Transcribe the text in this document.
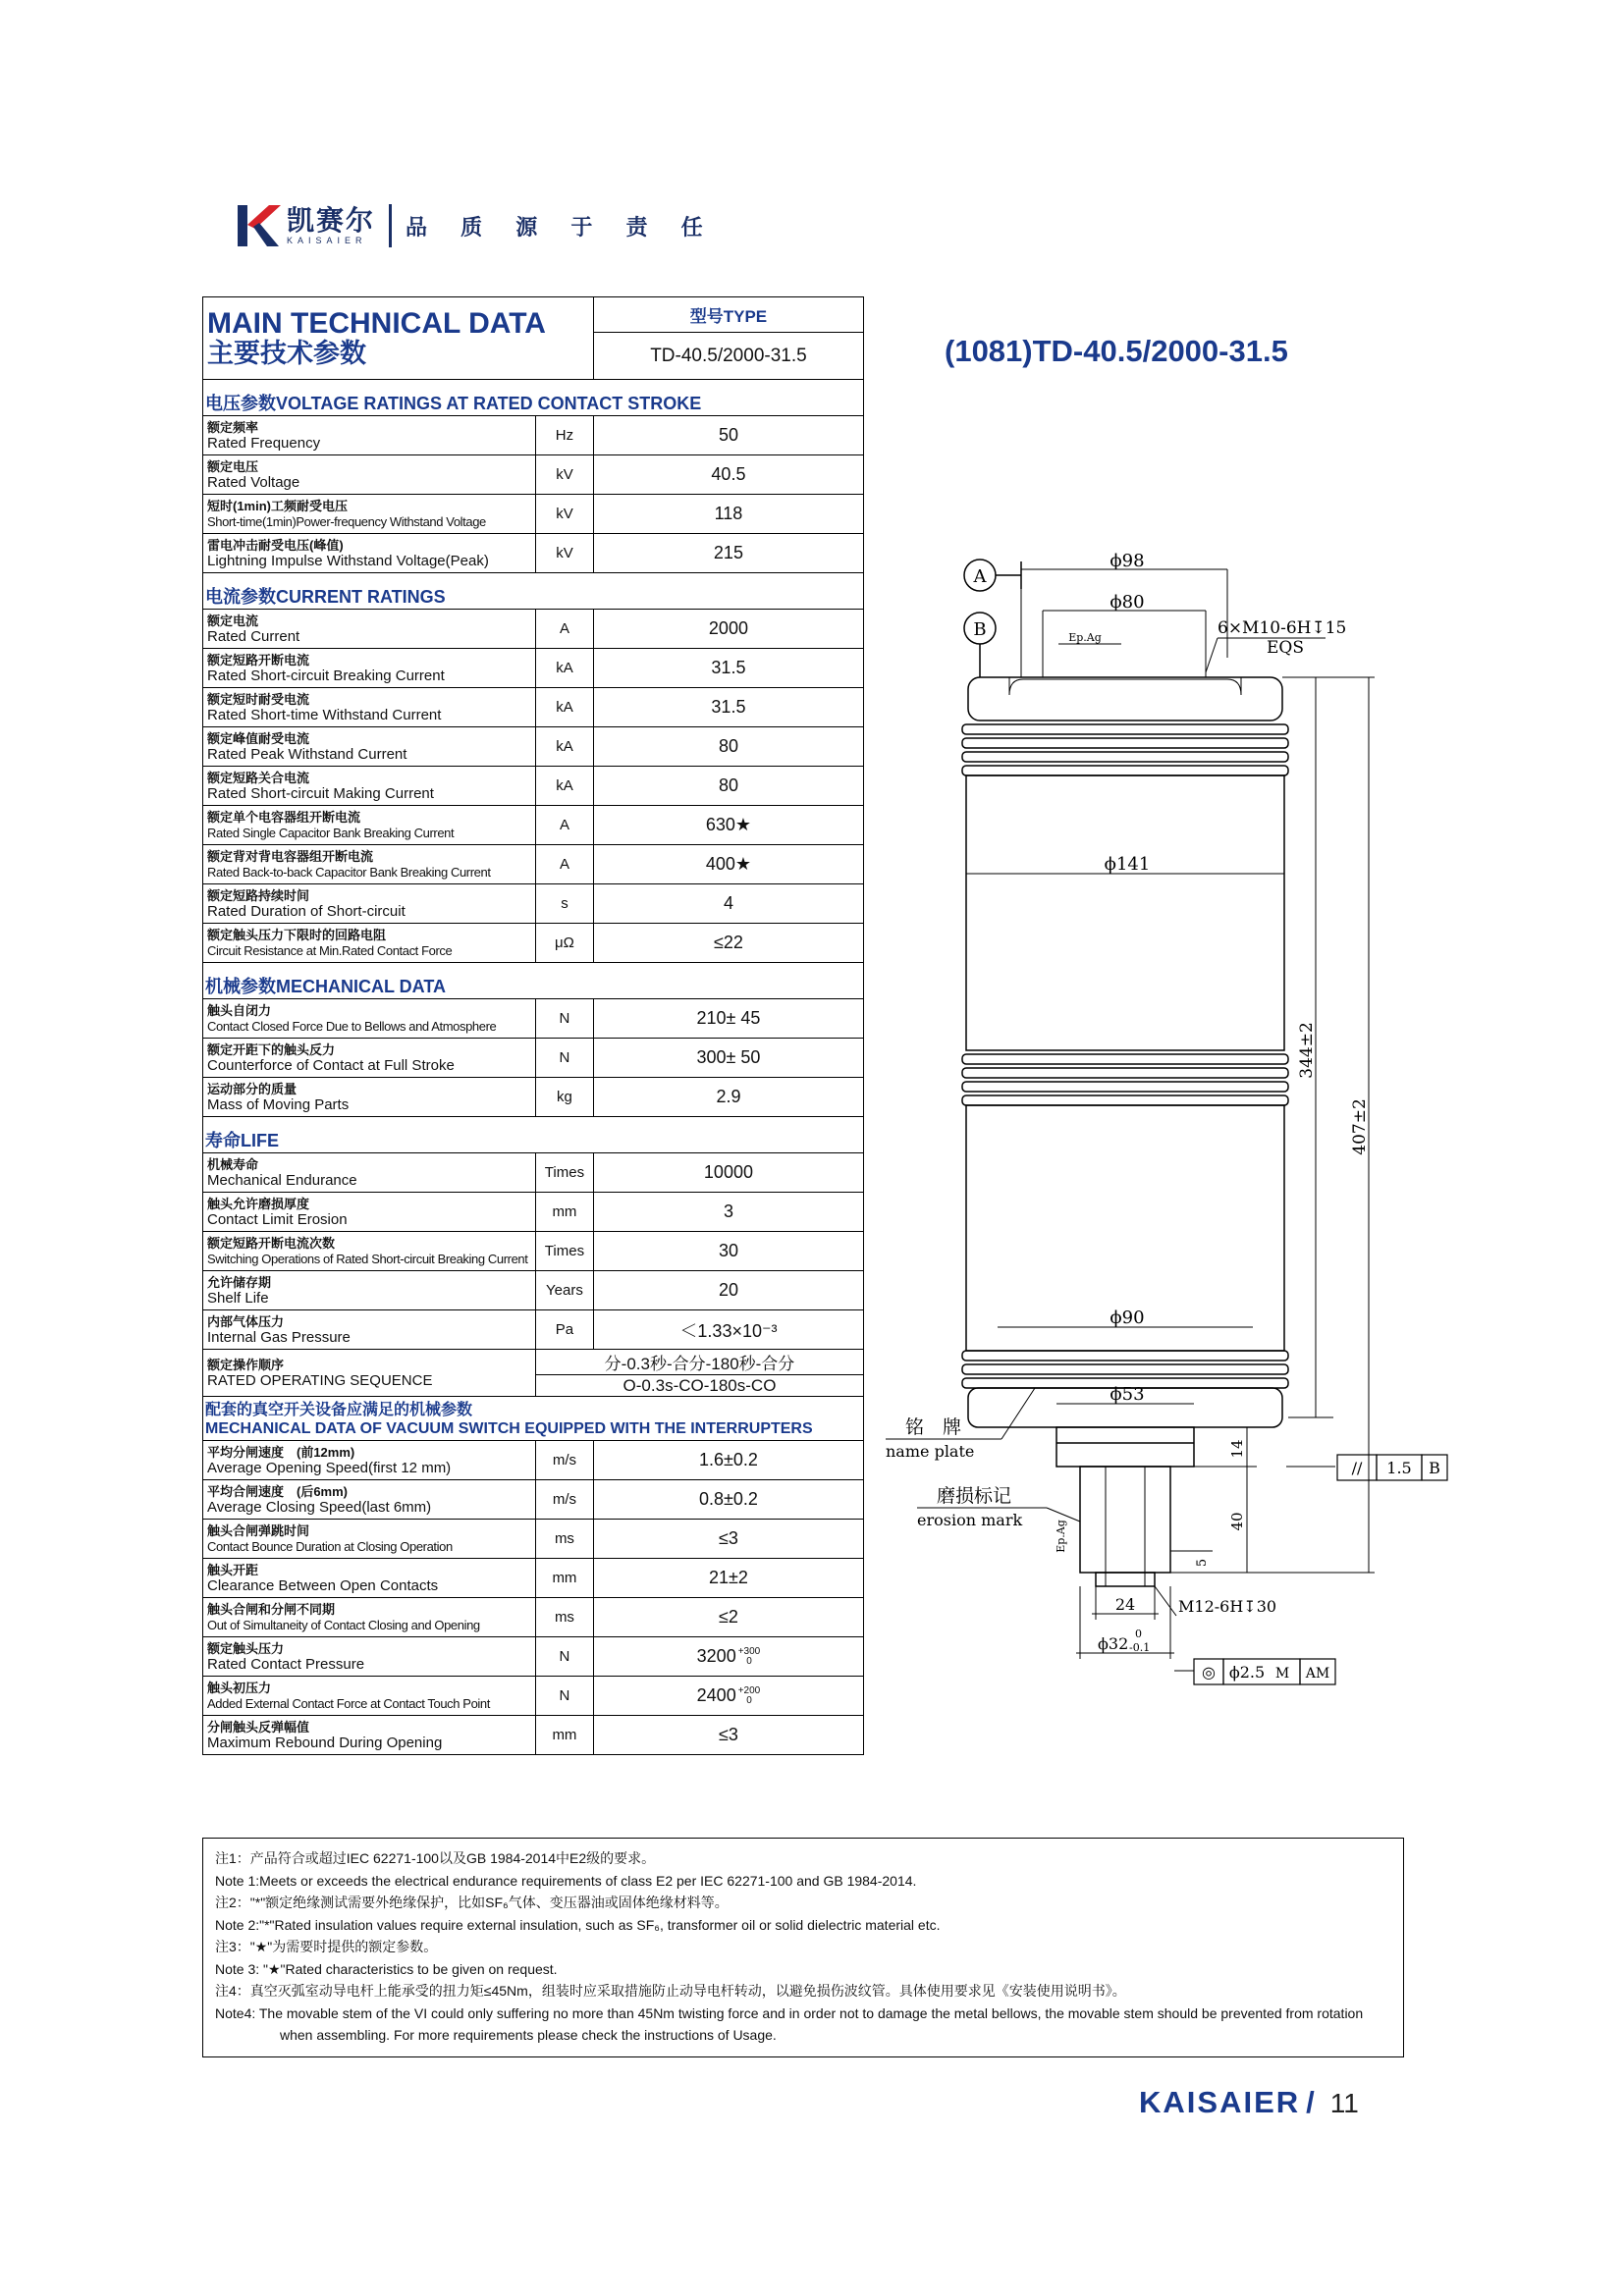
凯赛尔
KAISAIER
品 质 源 于 责 任
MAIN TECHNICAL DATA
主要技术参数		型号TYPE
		TD-40.5/2000-31.5
电压参数VOLTAGE RATINGS AT RATED CONTACT STROKE		

额定频率
Rated Frequency	Hz	50

额定电压
Rated Voltage	kV	40.5

短时(1min)工频耐受电压
Short-time(1min)Power-frequency Withstand Voltage	kV	118

雷电冲击耐受电压(峰值)
Lightning Impulse Withstand Voltage(Peak)	kV	215
电流参数CURRENT RATINGS		

额定电流
Rated Current	A	2000

额定短路开断电流
Rated Short-circuit Breaking Current	kA	31.5

额定短时耐受电流
Rated Short-time Withstand Current	kA	31.5

额定峰值耐受电流
Rated Peak Withstand Current	kA	80

额定短路关合电流
Rated Short-circuit Making Current	kA	80

额定单个电容器组开断电流
Rated Single Capacitor Bank Breaking Current	A	630★

额定背对背电容器组开断电流
Rated Back-to-back Capacitor Bank Breaking Current	A	400★

额定短路持续时间
Rated Duration of Short-circuit	s	4

额定触头压力下限时的回路电阻
Circuit Resistance at Min.Rated Contact Force	μΩ	≤22
机械参数MECHANICAL DATA		

触头自闭力
Contact Closed Force Due to Bellows and Atmosphere	N	210± 45

额定开距下的触头反力
Counterforce of Contact at Full Stroke	N	300± 50

运动部分的质量
Mass of Moving Parts	kg	2.9
寿命LIFE		

机械寿命
Mechanical Endurance	Times	10000

触头允许磨损厚度
Contact Limit Erosion	mm	3

额定短路开断电流次数
Switching Operations of Rated Short-circuit Breaking Current	Times	30

允许储存期
Shelf Life	Years	20

内部气体压力
Internal Gas Pressure	Pa	＜1.33×10⁻³

额定操作顺序
RATED OPERATING SEQUENCE	分-0.3秒-合分-180秒-合分	
	O-0.3s-CO-180s-CO	
配套的真空开关设备应满足的机械参数
MECHANICAL DATA OF VACUUM SWITCH EQUIPPED WITH THE INTERRUPTERS		

平均分闸速度　(前12mm)
Average Opening Speed(first 12 mm)	m/s	1.6±0.2

平均合闸速度　(后6mm)
Average Closing Speed(last 6mm)	m/s	0.8±0.2

触头合闸弹跳时间
Contact Bounce Duration at Closing Operation	ms	≤3

触头开距
Clearance Between Open Contacts	mm	21±2

触头合闸和分闸不同期
Out of Simultaneity of Contact Closing and Opening	ms	≤2

额定触头压力
Rated Contact Pressure	N	3200 +300
0

触头初压力
Added External Contact Force at Contact Touch Point	N	2400 +200
0

分闸触头反弹幅值
Maximum Rebound During Opening	mm	≤3
注1：产品符合或超过IEC 62271-100以及GB 1984-2014中E2级的要求。
Note 1:Meets or exceeds the electrical endurance requirements of class E2 per IEC 62271-100 and GB 1984-2014.
注2："*"额定绝缘测试需要外绝缘保护，比如SF₆气体、变压器油或固体绝缘材料等。
Note 2:"*"Rated insulation values require external insulation, such as SF₆, transformer oil or solid dielectric material etc.
注3："★"为需要时提供的额定参数。
Note 3: "★"Rated characteristics to be given on request.
注4：真空灭弧室动导电杆上能承受的扭力矩≤45Nm，组装时应采取措施防止动导电杆转动，以避免损伤波纹管。具体使用要求见《安装使用说明书》。
Note4: The movable stem of the VI could only suffering no more than 45Nm twisting force and in order not to damage the metal bellows, the movable stem should be prevented from rotation when assembling. For more requirements please check the instructions of Usage.
(1081)TD-40.5/2000-31.5
A
B
ϕ98
ϕ80
Ep.Ag	6×M10-6H↧15
EQS
ϕ141
ϕ90
ϕ53
344±2
407±2
14
40
5
Ep.Ag
24	M12-6H↧30
ϕ32
0
-0.1
铭　牌
name plate
磨损标记
erosion mark
// 1.5 B
◎ ϕ2.5 M AM
KAISAIER / 11
